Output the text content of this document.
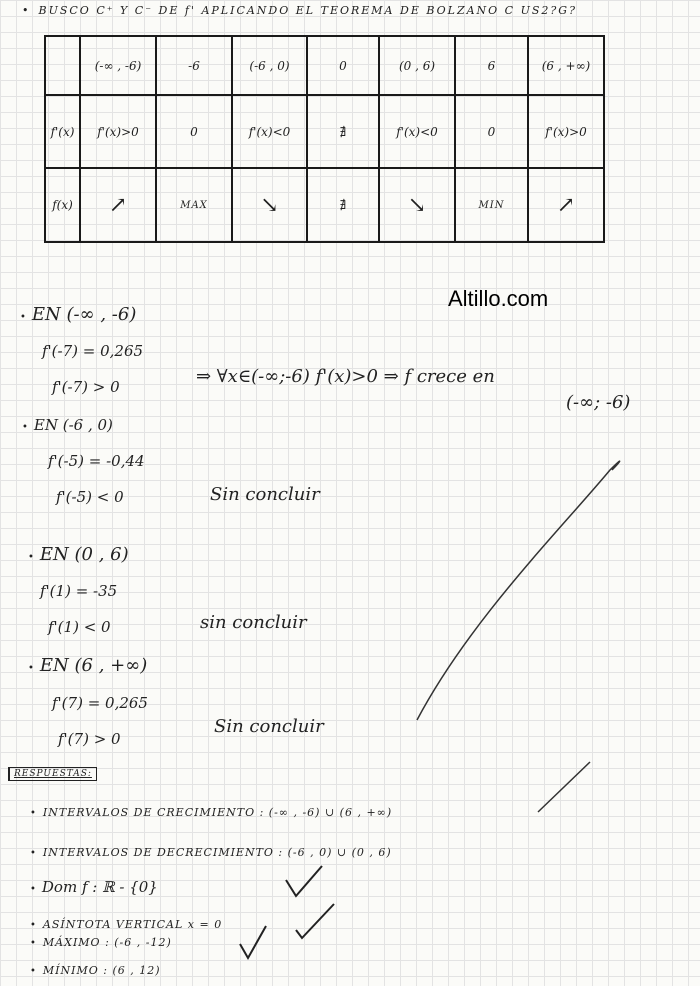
• BUSCO C⁺ Y C⁻ DE f' APLICANDO EL TEOREMA DE BOLZANO C US2?G?
	(-∞ , -6)	-6	(-6 , 0)	0	(0 , 6)	6	(6 , +∞)
f'(x)	f'(x)>0	0	f'(x)<0	∄	f'(x)<0	0	f'(x)>0
f(x)	↗	MAX	↘	∄	↘	MIN	↗
Altillo.com
• EN (-∞ , -6)
f'(-7) = 0,265
f'(-7) > 0	⇒ ∀x∈(-∞;-6) f'(x)>0 ⇒ f crece en
(-∞; -6)
• EN (-6 , 0)
f'(-5) = -0,44
f'(-5) < 0	Sin concluir
• EN (0 , 6)
f'(1) = -35
f'(1) < 0	sin concluir
• EN (6 , +∞)
f'(7) = 0,265
f'(7) > 0
Sin concluir
RESPUESTAS:
• INTERVALOS DE CRECIMIENTO : (-∞ , -6) ∪ (6 , +∞)
• INTERVALOS DE DECRECIMIENTO : (-6 , 0) ∪ (0 , 6)
• Dom f : ℝ - {0}
• ASÍNTOTA VERTICAL x = 0
• MÁXIMO : (-6 , -12)
• MÍNIMO : (6 , 12)
